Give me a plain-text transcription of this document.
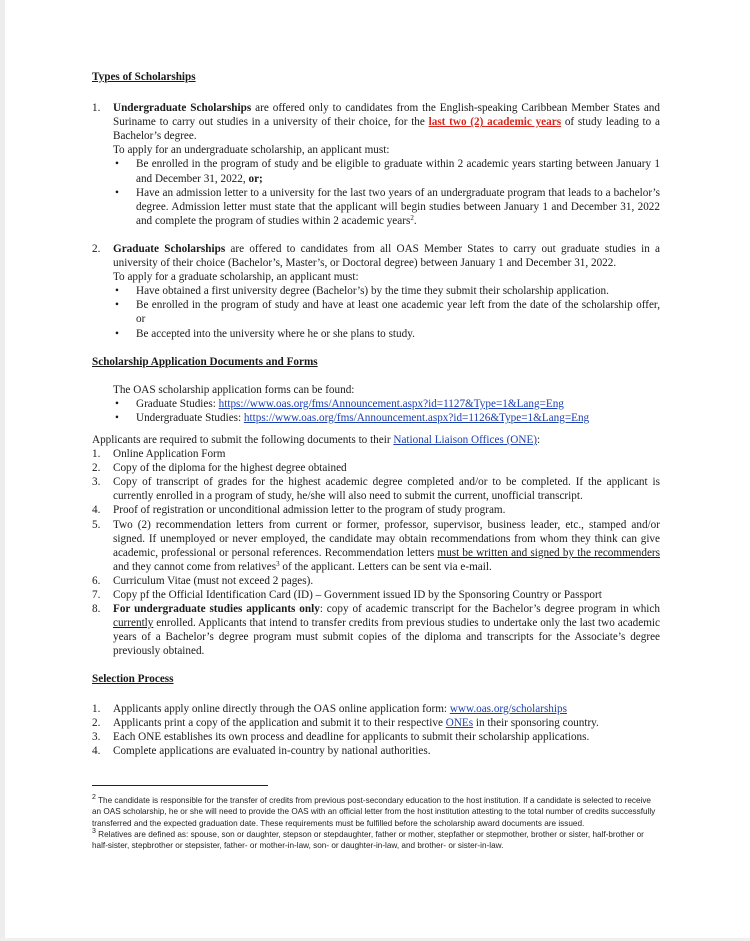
Types of Scholarships

1. Undergraduate Scholarships are offered only to candidates from the English-speaking Caribbean Member States and Suriname to carry out studies in a university of their choice, for the last two (2) academic years of study leading to a Bachelor’s degree.
To apply for an undergraduate scholarship, an applicant must:
• Be enrolled in the program of study and be eligible to graduate within 2 academic years starting between January 1 and December 31, 2022, or;
• Have an admission letter to a university for the last two years of an undergraduate program that leads to a bachelor’s degree. Admission letter must state that the applicant will begin studies between January 1 and December 31, 2022 and complete the program of studies within 2 academic years$^2$.
2. Graduate Scholarships are offered to candidates from all OAS Member States to carry out graduate studies in a university of their choice (Bachelor’s, Master’s, or Doctoral degree) between January 1 and December 31, 2022.
To apply for a graduate scholarship, an applicant must:
• Have obtained a first university degree (Bachelor’s) by the time they submit their scholarship application.
• Be enrolled in the program of study and have at least one academic year left from the date of the scholarship offer, or
• Be accepted into the university where he or she plans to study.

Scholarship Application Documents and Forms

The OAS scholarship application forms can be found:
• Graduate Studies: https://www.oas.org/fms/Announcement.aspx?id=1127&Type=1&Lang=Eng
• Undergraduate Studies: https://www.oas.org/fms/Announcement.aspx?id=1126&Type=1&Lang=Eng
Applicants are required to submit the following documents to their National Liaison Offices (ONE):
1. Online Application Form
2. Copy of the diploma for the highest degree obtained
3. Copy of transcript of grades for the highest academic degree completed and/or to be completed. If the applicant is currently enrolled in a program of study, he/she will also need to submit the current, unofficial transcript.
4. Proof of registration or unconditional admission letter to the program of study program.
5. Two (2) recommendation letters from current or former, professor, supervisor, business leader, etc., stamped and/or signed. If unemployed or never employed, the candidate may obtain recommendations from whom they think can give academic, professional or personal references. Recommendation letters must be written and signed by the recommenders and they cannot come from relatives$^3$ of the applicant. Letters can be sent via e-mail.
6. Curriculum Vitae (must not exceed 2 pages).
7. Copy pf the Official Identification Card (ID) – Government issued ID by the Sponsoring Country or Passport
8. For undergraduate studies applicants only: copy of academic transcript for the Bachelor’s degree program in which currently enrolled. Applicants that intend to transfer credits from previous studies to undertake only the last two academic years of a Bachelor’s degree program must submit copies of the diploma and transcripts for the Associate’s degree previously obtained.

Selection Process

1. Applicants apply online directly through the OAS online application form: www.oas.org/scholarships
2. Applicants print a copy of the application and submit it to their respective ONEs in their sponsoring country.
3. Each ONE establishes its own process and deadline for applicants to submit their scholarship applications.
4. Complete applications are evaluated in-country by national authorities.
$^2$ The candidate is responsible for the transfer of credits from previous post-secondary education to the host institution. If a candidate is selected to receive an OAS scholarship, he or she will need to provide the OAS with an official letter from the host institution attesting to the total number of credits successfully transferred and the expected graduation date. These requirements must be fulfilled before the scholarship award documents are issued.
$^3$ Relatives are defined as: spouse, son or daughter, stepson or stepdaughter, father or mother, stepfather or stepmother, brother or sister, half-brother or half-sister, stepbrother or stepsister, father- or mother-in-law, son- or daughter-in-law, and brother- or sister-in-law.
